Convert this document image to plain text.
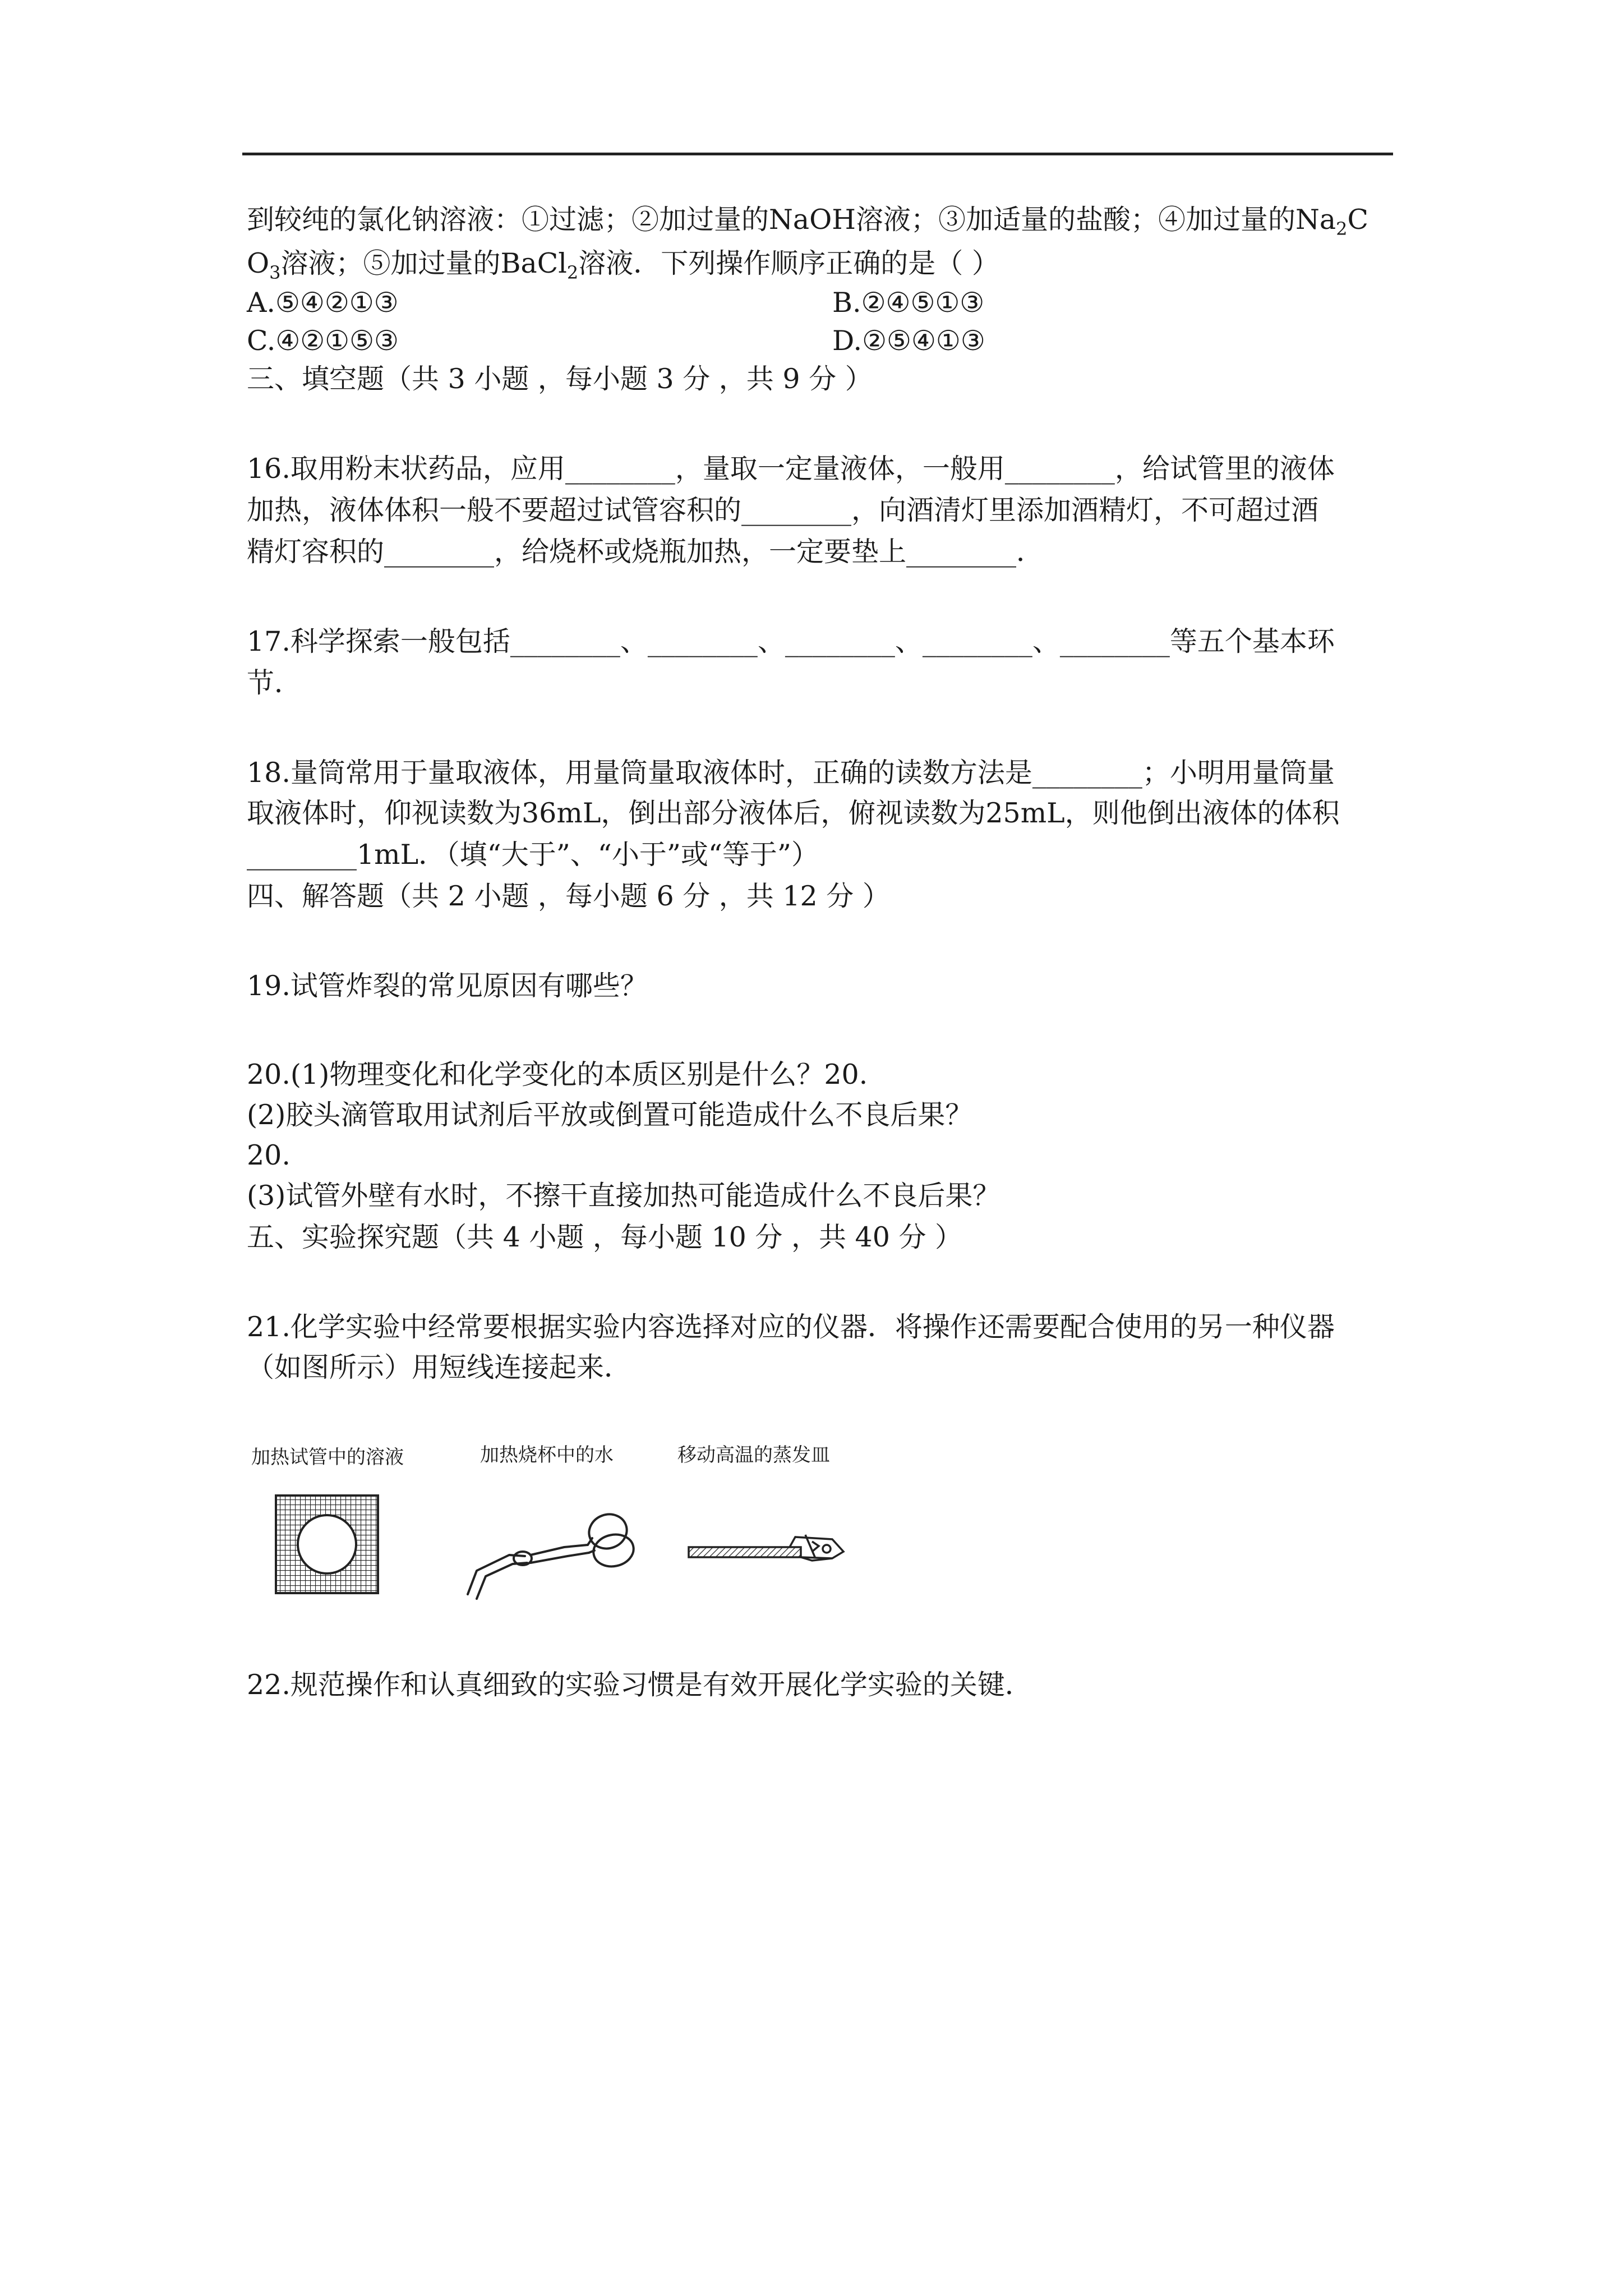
到较纯的氯化钠溶液：①过滤；②加过量的NaOH溶液；③加适量的盐酸；④加过量的$Na_2C$
$O_3$溶液；⑤加过量的BaCl$_2$溶液．下列操作顺序正确的是（ ）
A.⑤④②①③	B.②④⑤①③
C.④②①⑤③	D.②⑤④①③
三、填空题（共 3 小题 ，每小题 3 分 ，共 9 分 ）
16.取用粉末状药品，应用________，量取一定量液体，一般用________，给试管里的液体
加热，液体体积一般不要超过试管容积的________，向酒清灯里添加酒精灯，不可超过酒
精灯容积的________，给烧杯或烧瓶加热，一定要垫上________．
17.科学探索一般包括________、________、________、________、________等五个基本环
节．
18.量筒常用于量取液体，用量筒量取液体时，正确的读数方法是________；小明用量筒量
取液体时，仰视读数为36mL，倒出部分液体后，俯视读数为25mL，则他倒出液体的体积
________1mL．（填“大于”、“小于”或“等于”）
四、解答题（共 2 小题 ，每小题 6 分 ，共 12 分 ）
19.试管炸裂的常见原因有哪些？
20.(1)物理变化和化学变化的本质区别是什么？20.
(2)胶头滴管取用试剂后平放或倒置可能造成什么不良后果？
20.
(3)试管外壁有水时，不擦干直接加热可能造成什么不良后果？
五、实验探究题（共 4 小题 ，每小题 10 分 ，共 40 分 ）
21.化学实验中经常要根据实验内容选择对应的仪器．将操作还需要配合使用的另一种仪器
（如图所示）用短线连接起来．
加热试管中的溶液	加热烧杯中的水	移动高温的蒸发皿
22.规范操作和认真细致的实验习惯是有效开展化学实验的关键．
